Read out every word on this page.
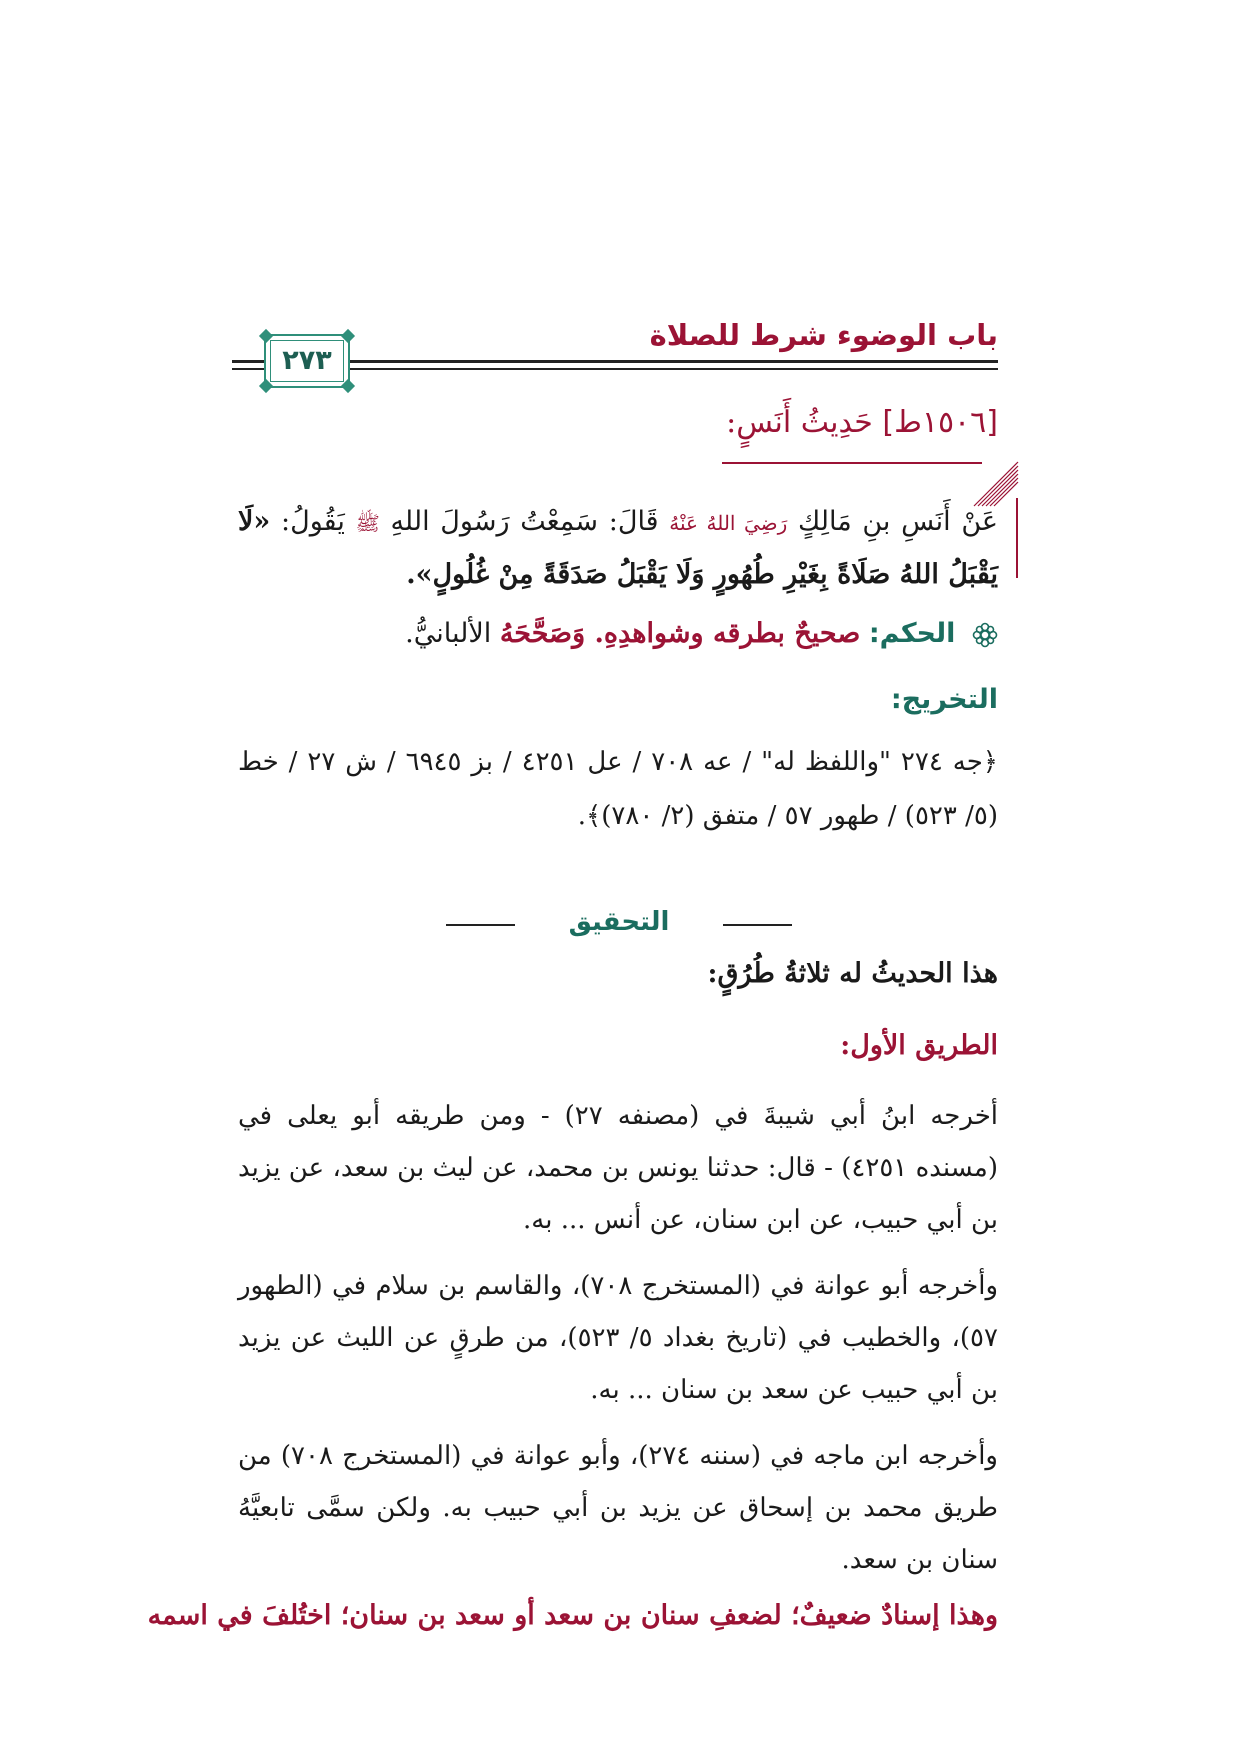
باب الوضوء شرط للصلاة
٢٧٣
[١٥٠٦ط] حَدِيثُ أَنَسٍ:
عَنْ أَنَسِ بنِ مَالِكٍ رَضِيَ اللهُ عَنْهُ قَالَ: سَمِعْتُ رَسُولَ اللهِ ﷺ يَقُولُ: «لَا يَقْبَلُ اللهُ صَلَاةً بِغَيْرِ طُهُورٍ وَلَا يَقْبَلُ صَدَقَةً مِنْ غُلُولٍ».
الحكم: صحيحٌ بطرقه وشواهدِهِ. وَصَحَّحَهُ الألبانيُّ.
التخريج:
﴿جه ٢٧٤ "واللفظ له" / عه ٧٠٨ / عل ٤٢٥١ / بز ٦٩٤٥ / ش ٢٧ / خط (٥/ ٥٢٣) / طهور ٥٧ / متفق (٢/ ٧٨٠)﴾.
التحقيق
هذا الحديثُ له ثلاثةُ طُرُقٍ:
الطريق الأول:
أخرجه ابنُ أبي شيبةَ في (مصنفه ٢٧) - ومن طريقه أبو يعلى في (مسنده ٤٢٥١) - قال: حدثنا يونس بن محمد، عن ليث بن سعد، عن يزيد بن أبي حبيب، عن ابن سنان، عن أنس ... به.
وأخرجه أبو عوانة في (المستخرج ٧٠٨)، والقاسم بن سلام في (الطهور ٥٧)، والخطيب في (تاريخ بغداد ٥/ ٥٢٣)، من طرقٍ عن الليث عن يزيد بن أبي حبيب عن سعد بن سنان ... به.
وأخرجه ابن ماجه في (سننه ٢٧٤)، وأبو عوانة في (المستخرج ٧٠٨) من طريق محمد بن إسحاق عن يزيد بن أبي حبيب به. ولكن سمَّى تابعيَّهُ سنان بن سعد.
وهذا إسنادٌ ضعيفٌ؛ لضعفِ سنان بن سعد أو سعد بن سنان؛ اختُلفَ في اسمه
